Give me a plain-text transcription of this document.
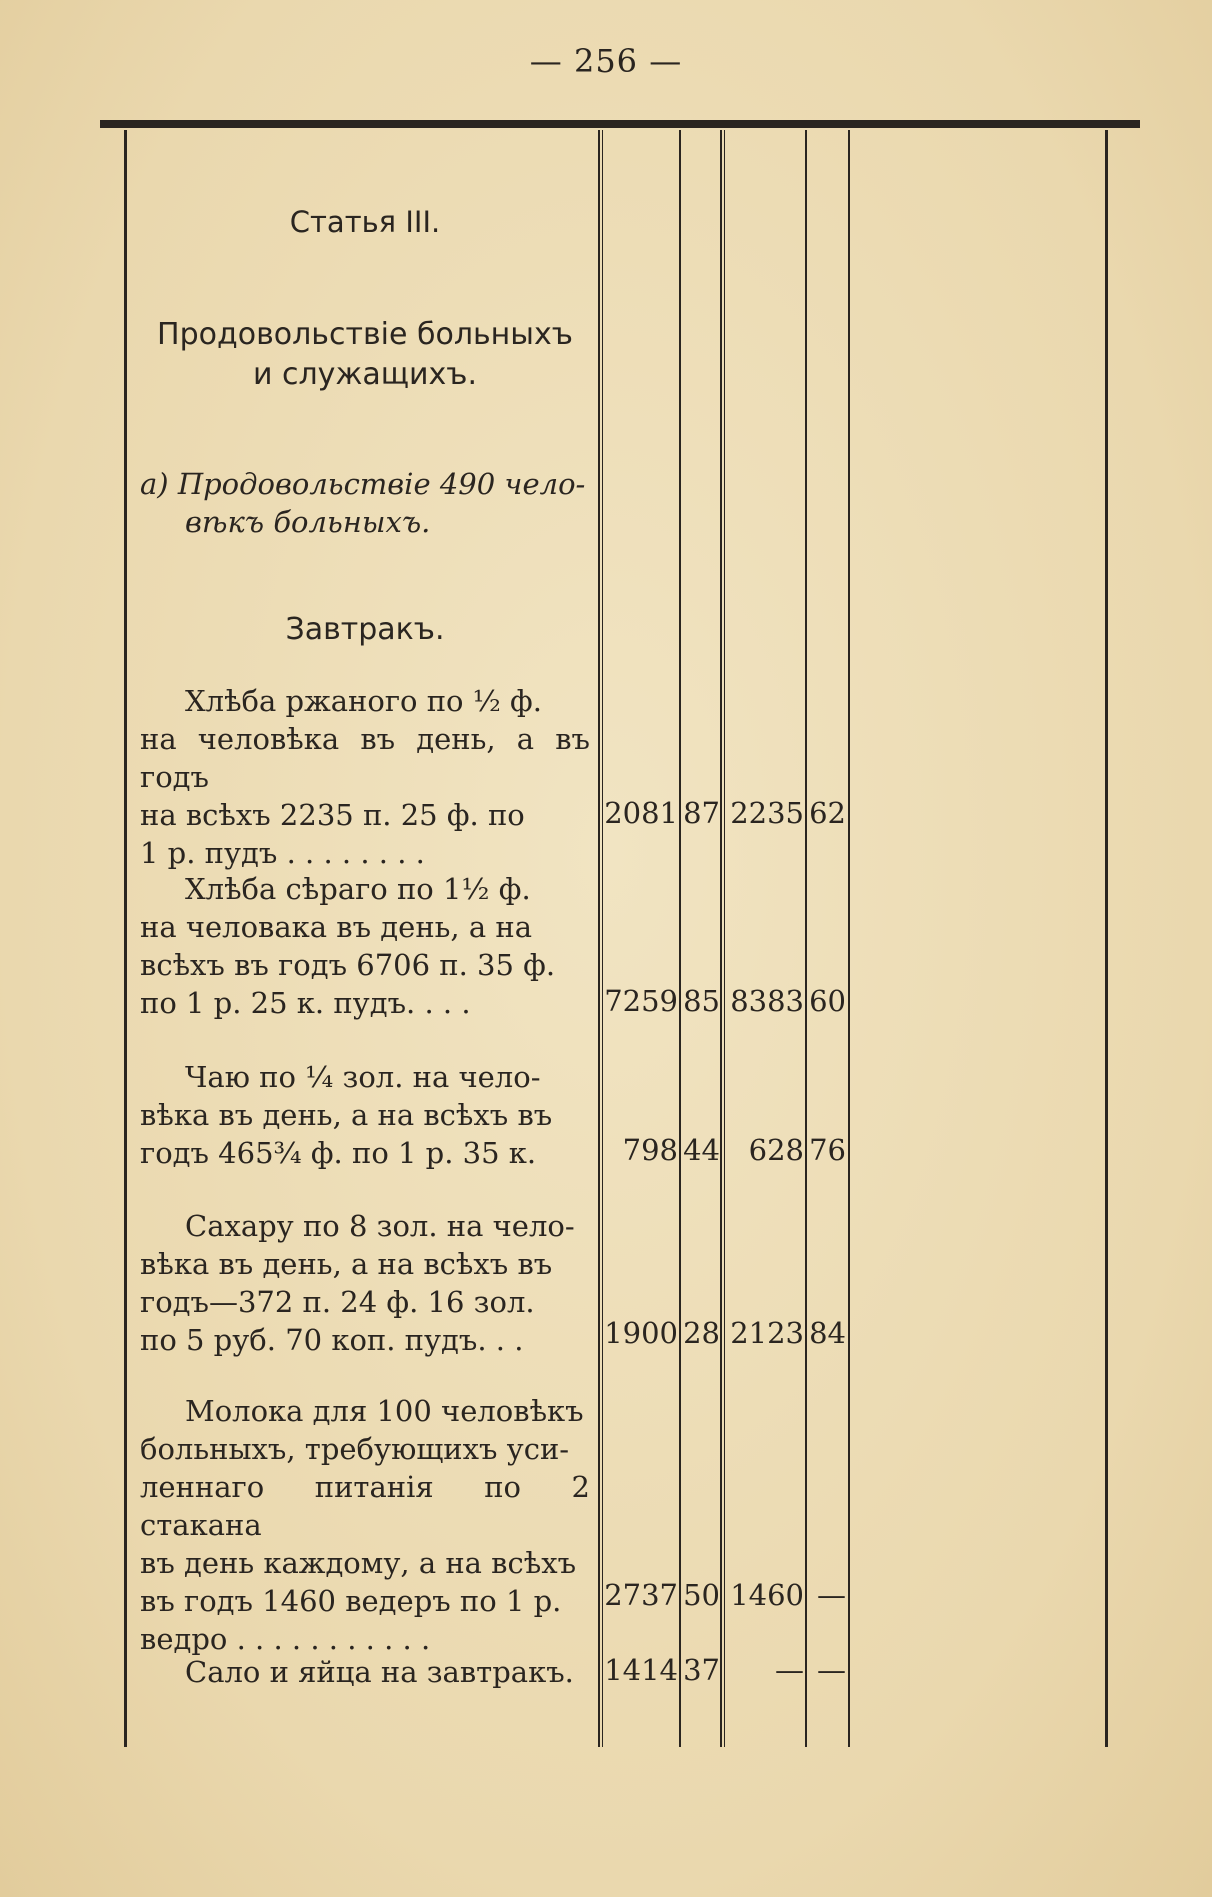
— 256 —
Статья III.
Продовольствіе больныхъ
и служащихъ.
а) Продовольствіе 490 чело-
вѣкъ больныхъ.
Завтракъ.
Хлѣба ржаного по ½ ф.
на человѣка въ день, а въ годъ
на всѣхъ 2235 п. 25 ф. по
1 р. пудъ . . . . . . . .
Хлѣба сѣраго по 1½ ф.
на человака въ день, а на
всѣхъ въ годъ 6706 п. 35 ф.
по 1 р. 25 к. пудъ. . . .
Чаю по ¼ зол. на чело-
вѣка въ день, а на всѣхъ въ
годъ 465¾ ф. по 1 р. 35 к.
Сахару по 8 зол. на чело-
вѣка въ день, а на всѣхъ въ
годъ—372 п. 24 ф. 16 зол.
по 5 руб. 70 коп. пудъ. . .
Молока для 100 человѣкъ
больныхъ, требующихъ уси-
леннаго питанія по 2 стакана
въ день каждому, а на всѣхъ
въ годъ 1460 ведеръ по 1 р.
ведро . . . . . . . . . . .
Сало и яйца на завтракъ.
2081 87 2235 62
7259 85 8383 60
798 44 628 76
1900 28 2123 84
2737 50 1460 —
1414 37	— —
